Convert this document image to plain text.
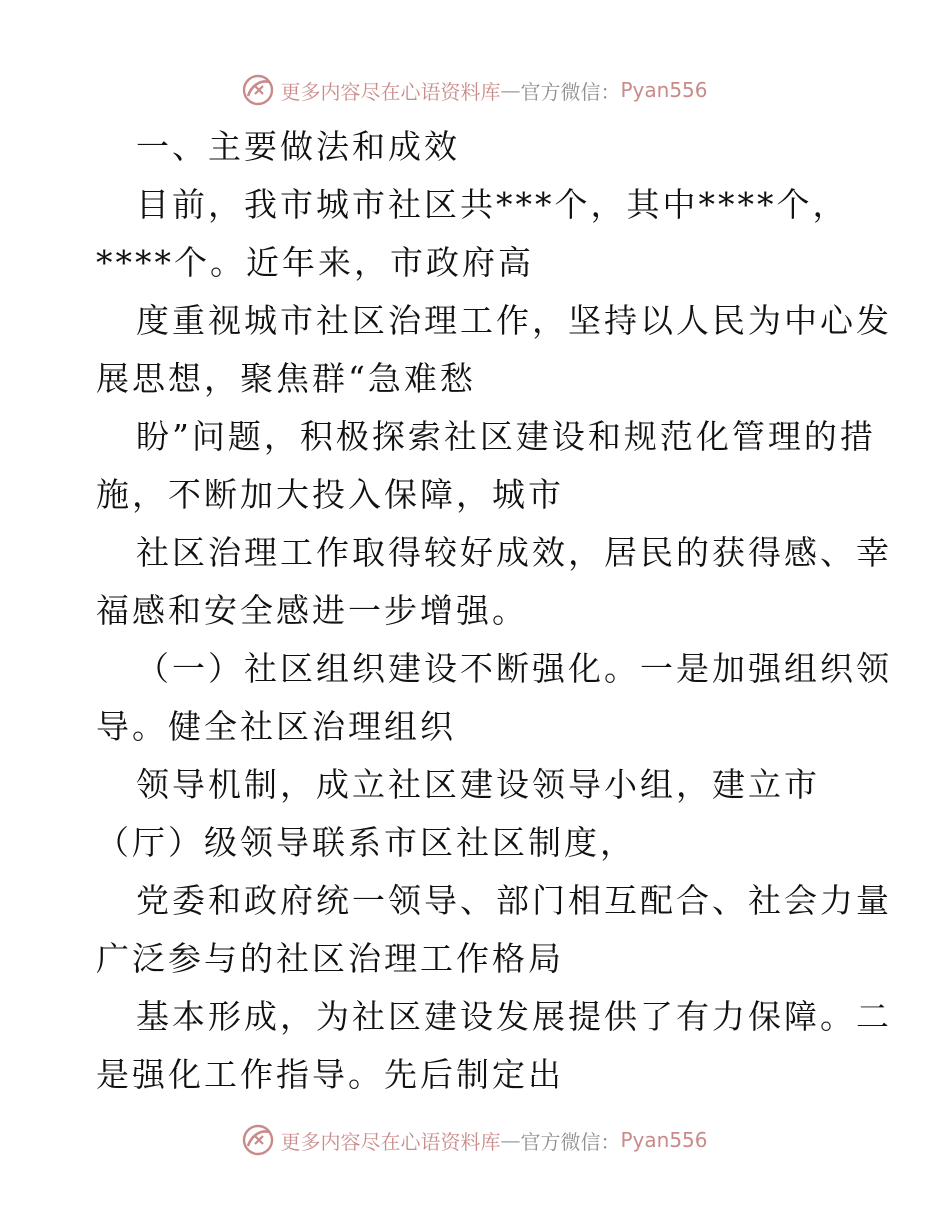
更多内容尽在心语资料库 — 官方微信： Pyan556
一、主要做法和成效
目前，我市城市社区共***个，其中****个，
****个。近年来，市政府高
度重视城市社区治理工作，坚持以人民为中心发
展思想，聚焦群“急难愁
盼”问题，积极探索社区建设和规范化管理的措
施，不断加大投入保障，城市
社区治理工作取得较好成效，居民的获得感、幸
福感和安全感进一步增强。
（一）社区组织建设不断强化。一是加强组织领
导。健全社区治理组织
领导机制，成立社区建设领导小组，建立市
（厅）级领导联系市区社区制度，
党委和政府统一领导、部门相互配合、社会力量
广泛参与的社区治理工作格局
基本形成，为社区建设发展提供了有力保障。二
是强化工作指导。先后制定出
更多内容尽在心语资料库 — 官方微信： Pyan556
